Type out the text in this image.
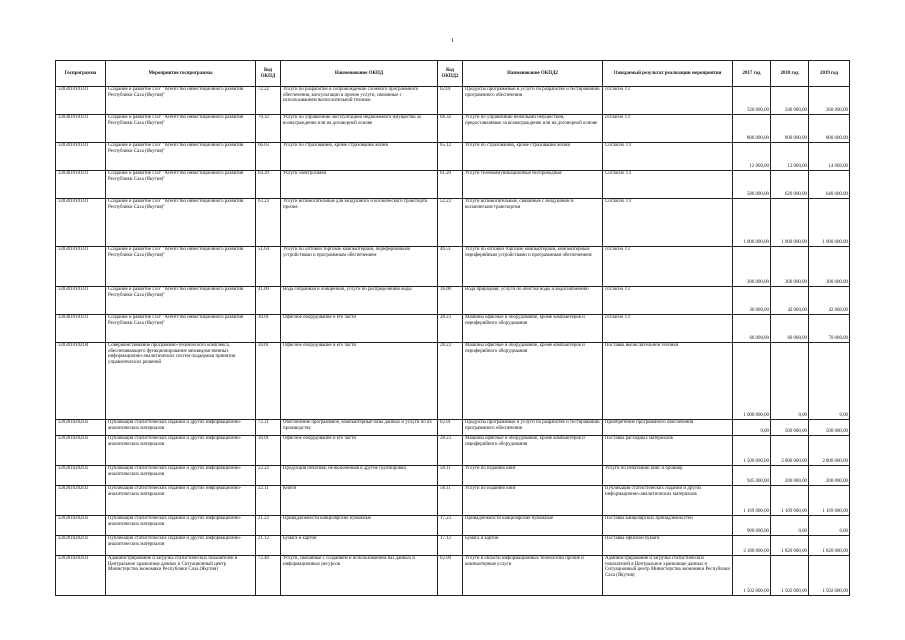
1
Госпрограмма	Мероприятие госпрограммы	Код ОКПД	Наименование ОКПД	Код ОКПД2	Наименование ОКПД2	Ожидаемый результат реализации мероприятия	2017 год	2018 год	2019 год
3203010101О1	Создание и развитие ГБУ "Агентство инвестиционного развития Республики Саха (Якутия)"	72.22	Услуги по разработке и сопровождению сложного программного обеспечения, консультации в прочие услуги, связанные с использованием вычислительной техники	62.01	Продукты программные и услуги по разработке и тестированию программного обеспечения	согласно ТЗ	320 000,00	340 000,00	360 000,00
3203010101О1	Создание и развитие ГБУ "Агентство инвестиционного развития Республики Саха (Якутия)"	70.32	Услуги по управлению эксплуатацией недвижимого имущества за вознаграждение или на договорной основе	68.32	Услуги по управлению нежилыми имуществом, предоставляемые за вознаграждение или на договорной основе	согласно ТЗ	800 000,00	800 000,00	800 000,00
3203010101О1	Создание и развитие ГБУ "Агентство инвестиционного развития Республики Саха (Якутия)"	66.03	Услуги по страхованию, кроме страхования жизни	65.12	Услуги по страхованию, кроме страхования жизни	Согласно ТЗ	12 000,00	13 000,00	14 000,00
3203010101О1	Создание и развитие ГБУ "Агентство инвестиционного развития Республики Саха (Якутия)"	64.20	Услуги электросвязи	61.20	Услуги телекоммуникационные беспроводные	Согласно ТЗ	580 000,00	620 000,00	640 000,00
3203010101О1	Создание и развитие ГБУ "Агентство инвестиционного развития Республики Саха (Якутия)"	63.23	Услуги вспомогательные для воздушного и космического транспорта прочие	52.23	Услуги вспомогательные, связанные с воздушным и космическим транспортом	Согласно ТЗ	1 000 000,00	1 000 000,00	1 000 000,00
3203010101О1	Создание и развитие ГБУ "Агентство инвестиционного развития Республики Саха (Якутия)"	51.64	Услуги по оптовой торговле компьютерами, периферийными устройствами и программным обеспечением	46.51	Услуги по оптовой торговле компьютерами, компьютерным периферийным устройствами и программным обеспечением	согласно ТЗ	300 000,00	300 000,00	300 000,00
3203010101О1	Создание и развитие ГБУ "Агентство инвестиционного развития Республики Саха (Якутия)"	41.00	Вода собранная и очищенная, услуги по распределению воды	36.00	Вода природная; услуги по очистке воды и водоснабжению	согласно ТЗ	36 000,00	42 000,00	42 000,00
3203010101О1	Создание и развитие ГБУ "Агентство инвестиционного развития Республики Саха (Якутия)"	30.01	Офисное оборудование и его части	28.23	Машины офисные и оборудование, кроме компьютеров и периферийного оборудования	согласно ТЗ	60 000,00	60 000,00	70 000,00
3203010102О4	Совершенствование программно-технического комплекса, обеспечивающего функционирование межведомственных информационно-аналитических систем поддержки принятия управленческих решений	30.01	Офисное оборудование и его части	28.23	Машины офисные и оборудование, кроме компьютеров и периферийного оборудования	Поставка вычислительной техники	1 000 000,00	0,00	0,00
3202010202О2	Публикация статистических изданий и других информационно-аналитических материалов	72.21	Обеспечение программное, компьютерные базы данных и услуги по их производству	62.01	Продукты программные и услуги по разработке и тестированию программного обеспечения	Приобретение программного обеспечения	0,00	500 000,00	500 000,00
3202010202О2	Публикация статистических изданий и других информационно-аналитических материалов	30.01	Офисное оборудование и его части	28.23	Машины офисные и оборудование, кроме компьютеров и периферийного оборудования	Поставка расходных материалов	1 500 000,00	2 800 000,00	2 800 000,00
3202010202О2	Публикация статистических изданий и других информационно-аналитических материалов	22.22	Продукция печатная, не включенная в другие группировки	58.11	Услуги по изданию книг	Услуги по печатанию книг и брошюр	945 000,00	200 000,00	200 000,00
3202010202О2	Публикация статистических изданий и других информационно-аналитических материалов	22.11	Книги	58.11	Услуги по изданию книг	Публикация статистических изданий и других информационно-аналитических материалов	1 169 000,00	1 169 000,00	1 169 000,00
3202010202О2	Публикация статистических изданий и других информационно-аналитических материалов	21.23	Принадлежности канцелярские бумажные	17.23	Принадлежности канцелярские бумажные	Поставка канцелярских принадлежностей	900 000,00	0,00	0,00
3202010202О2	Публикация статистических изданий и других информационно-аналитических материалов	21.12	Бумага и картон	17.12	Бумага и картон	Поставка офисной бумаги	2 180 000,00	1 820 000,00	1 820 000,00
3202010203О1	Администрирование и загрузка статистических показателей в Центральное хранилище данных и Ситуационный центр Министерства экономики Республики Саха (Якутия)	72.40	Услуги, связанные с созданием и использованием баз данных и информационных ресурсов	62.09	Услуги в области информационных технологий прочие и компьютерные услуги	Администрирование и загрузка статистических показателей в Центральное хранилище данных и Ситуационный центр Министерства экономики Республики Саха (Якутия)	1 502 000,00	1 502 000,00	1 502 000,00
